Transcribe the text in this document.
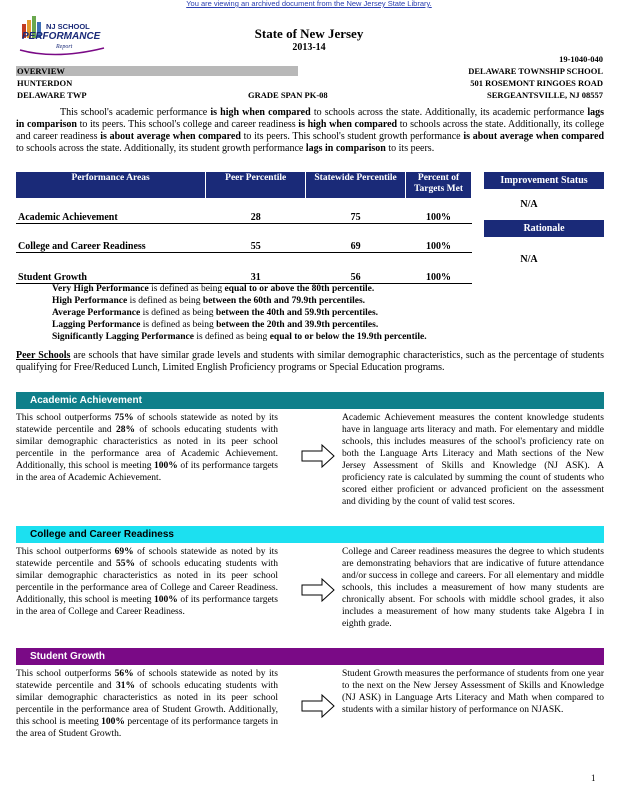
You are viewing an archived document from the New Jersey State Library.
NJ SCHOOL
PERFORMANCE
Report
State of New Jersey
2013-14
19-1040-040
OVERVIEW	DELAWARE TOWNSHIP SCHOOL
HUNTERDON	501 ROSEMONT RINGOES ROAD
DELAWARE TWP	GRADE SPAN PK-08	SERGEANTSVILLE, NJ 08557
This school's academic performance is high when compared to schools across the state. Additionally, its academic performance lags in comparison to its peers. This school's college and career readiness is high when compared to schools across the state. Additionally, its college and career readiness is about average when compared to its peers. This school's student growth performance is about average when compared to schools across the state. Additionally, its student growth performance lags in comparison to its peers.
Performance Areas	Peer Percentile	Statewide Percentile	Percent of Targets Met
Academic Achievement	28	75	100%
College and Career Readiness	55	69	100%
Student Growth	31	56	100%
Improvement Status
N/A
Rationale
N/A
Very High Performance is defined as being equal to or above the 80th percentile.
High Performance is defined as being between the 60th and 79.9th percentiles.
Average Performance is defined as being between the 40th and 59.9th percentiles.
Lagging Performance is defined as being between the 20th and 39.9th percentiles.
Significantly Lagging Performance is defined as being equal to or below the 19.9th percentile.
Peer Schools are schools that have similar grade levels and students with similar demographic characteristics, such as the percentage of students qualifying for Free/Reduced Lunch, Limited English Proficiency programs or Special Education programs.
Academic Achievement
This school outperforms 75% of schools statewide as noted by its statewide percentile and 28% of schools educating students with similar demographic characteristics as noted in its peer school percentile in the performance area of Academic Achievement. Additionally, this school is meeting 100% of its performance targets in the area of Academic Achievement.
Academic Achievement measures the content knowledge students have in language arts literacy and math. For elementary and middle schools, this includes measures of the school's proficiency rate on both the Language Arts Literacy and Math sections of the New Jersey Assessment of Skills and Knowledge (NJ ASK). A proficiency rate is calculated by summing the count of students who scored either proficient or advanced proficient on the assessment and dividing by the count of valid test scores.
College and Career Readiness
This school outperforms 69% of schools statewide as noted by its statewide percentile and 55% of schools educating students with similar demographic characteristics as noted in its peer school percentile in the performance area of College and Career Readiness. Additionally, this school is meeting 100% of its performance targets in the area of College and Career Readiness.
College and Career readiness measures the degree to which students are demonstrating behaviors that are indicative of future attendance and/or success in college and careers. For all elementary and middle schools, this includes a measurement of how many students are chronically absent. For schools with middle school grades, it also includes a measurement of how many students take Algebra I in eighth grade.
Student Growth
This school outperforms 56% of schools statewide as noted by its statewide percentile and 31% of schools educating students with similar demographic characteristics as noted in its peer school percentile in the performance area of Student Growth. Additionally, this school is meeting 100% percentage of its performance targets in the area of Student Growth.
Student Growth measures the performance of students from one year to the next on the New Jersey Assessment of Skills and Knowledge (NJ ASK) in Language Arts Literacy and Math when compared to students with a similar history of performance on NJASK.
1
